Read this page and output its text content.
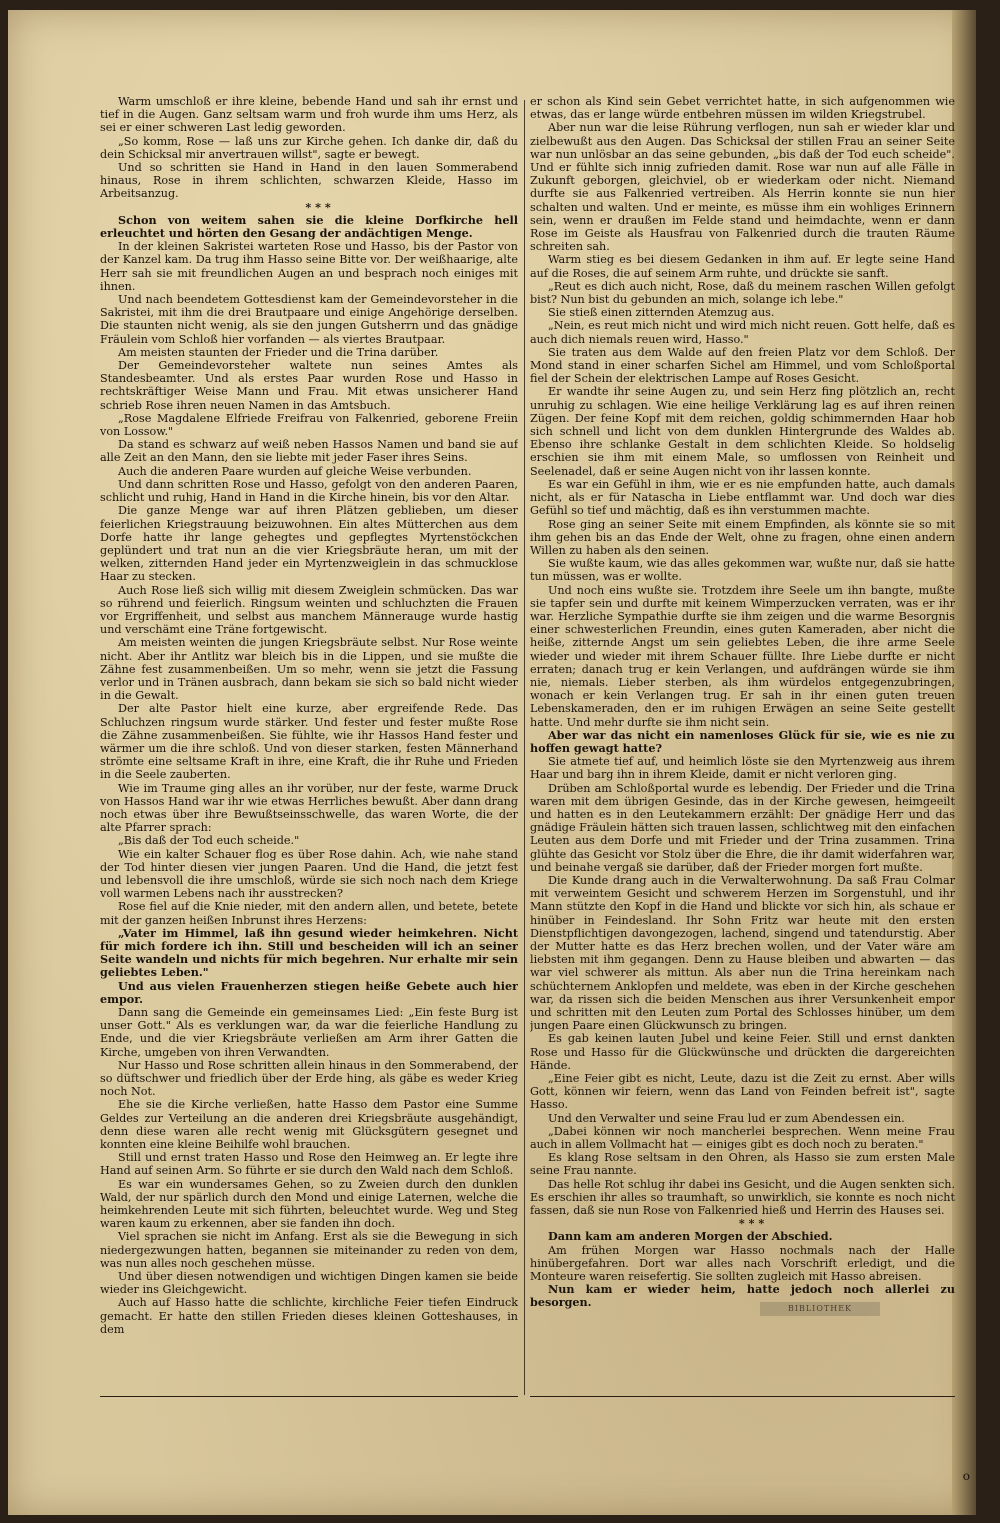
Warm umschloß er ihre kleine, bebende Hand und sah ihr ernst und tief in die Augen. Ganz seltsam warm und froh wurde ihm ums Herz, als sei er einer schweren Last ledig geworden.

„So komm, Rose — laß uns zur Kirche gehen. Ich danke dir, daß du dein Schicksal mir anvertrauen willst", sagte er bewegt.

Und so schritten sie Hand in Hand in den lauen Sommerabend hinaus, Rose in ihrem schlichten, schwarzen Kleide, Hasso im Arbeitsanzug.

* * *

Schon von weitem sahen sie die kleine Dorfkirche hell erleuchtet und hörten den Gesang der andächtigen Menge.

In der kleinen Sakristei warteten Rose und Hasso, bis der Pastor von der Kanzel kam. Da trug ihm Hasso seine Bitte vor. Der weißhaarige, alte Herr sah sie mit freundlichen Augen an und besprach noch einiges mit ihnen.

Und nach beendetem Gottesdienst kam der Gemeindevorsteher in die Sakristei, mit ihm die drei Brautpaare und einige Angehörige derselben. Die staunten nicht wenig, als sie den jungen Gutsherrn und das gnädige Fräulein vom Schloß hier vorfanden — als viertes Brautpaar.

Am meisten staunten der Frieder und die Trina darüber.

Der Gemeindevorsteher waltete nun seines Amtes als Standesbeamter. Und als erstes Paar wurden Rose und Hasso in rechtskräftiger Weise Mann und Frau. Mit etwas unsicherer Hand schrieb Rose ihren neuen Namen in das Amtsbuch.

„Rose Magdalene Elfriede Freifrau von Falkenried, geborene Freiin von Lossow."

Da stand es schwarz auf weiß neben Hassos Namen und band sie auf alle Zeit an den Mann, den sie liebte mit jeder Faser ihres Seins.

Auch die anderen Paare wurden auf gleiche Weise verbunden.

Und dann schritten Rose und Hasso, gefolgt von den anderen Paaren, schlicht und ruhig, Hand in Hand in die Kirche hinein, bis vor den Altar.

Die ganze Menge war auf ihren Plätzen geblieben, um dieser feierlichen Kriegstrauung beizuwohnen. Ein altes Mütterchen aus dem Dorfe hatte ihr lange gehegtes und gepflegtes Myrtenstöckchen geplündert und trat nun an die vier Kriegsbräute heran, um mit der welken, zitternden Hand jeder ein Myrtenzweiglein in das schmucklose Haar zu stecken.

Auch Rose ließ sich willig mit diesem Zweiglein schmücken. Das war so rührend und feierlich. Ringsum weinten und schluchzten die Frauen vor Ergriffenheit, und selbst aus manchem Männerauge wurde hastig und verschämt eine Träne fortgewischt.

Am meisten weinten die jungen Kriegsbräute selbst. Nur Rose weinte nicht. Aber ihr Antlitz war bleich bis in die Lippen, und sie mußte die Zähne fest zusammenbeißen. Um so mehr, wenn sie jetzt die Fassung verlor und in Tränen ausbrach, dann bekam sie sich so bald nicht wieder in die Gewalt.

Der alte Pastor hielt eine kurze, aber ergreifende Rede. Das Schluchzen ringsum wurde stärker. Und fester und fester mußte Rose die Zähne zusammenbeißen. Sie fühlte, wie ihr Hassos Hand fester und wärmer um die ihre schloß. Und von dieser starken, festen Männerhand strömte eine seltsame Kraft in ihre, eine Kraft, die ihr Ruhe und Frieden in die Seele zauberten.

Wie im Traume ging alles an ihr vorüber, nur der feste, warme Druck von Hassos Hand war ihr wie etwas Herrliches bewußt. Aber dann drang noch etwas über ihre Bewußtseinsschwelle, das waren Worte, die der alte Pfarrer sprach:

„Bis daß der Tod euch scheide."

Wie ein kalter Schauer flog es über Rose dahin. Ach, wie nahe stand der Tod hinter diesen vier jungen Paaren. Und die Hand, die jetzt fest und lebensvoll die ihre umschloß, würde sie sich noch nach dem Kriege voll warmen Lebens nach ihr ausstrecken?

Rose fiel auf die Knie nieder, mit den andern allen, und betete, betete mit der ganzen heißen Inbrunst ihres Herzens:

„Vater im Himmel, laß ihn gesund wieder heimkehren. Nicht für mich fordere ich ihn. Still und bescheiden will ich an seiner Seite wandeln und nichts für mich begehren. Nur erhalte mir sein geliebtes Leben."

Und aus vielen Frauenherzen stiegen heiße Gebete auch hier empor.

Dann sang die Gemeinde ein gemeinsames Lied: „Ein feste Burg ist unser Gott." Als es verklungen war, da war die feierliche Handlung zu Ende, und die vier Kriegsbräute verließen am Arm ihrer Gatten die Kirche, umgeben von ihren Verwandten.

Nur Hasso und Rose schritten allein hinaus in den Sommerabend, der so düftschwer und friedlich über der Erde hing, als gäbe es weder Krieg noch Not.

Ehe sie die Kirche verließen, hatte Hasso dem Pastor eine Summe Geldes zur Verteilung an die anderen drei Kriegsbräute ausgehändigt, denn diese waren alle recht wenig mit Glücksgütern gesegnet und konnten eine kleine Beihilfe wohl brauchen.

Still und ernst traten Hasso und Rose den Heimweg an. Er legte ihre Hand auf seinen Arm. So führte er sie durch den Wald nach dem Schloß.

Es war ein wundersames Gehen, so zu Zweien durch den dunklen Wald, der nur spärlich durch den Mond und einige Laternen, welche die heimkehrenden Leute mit sich führten, beleuchtet wurde. Weg und Steg waren kaum zu erkennen, aber sie fanden ihn doch.

Viel sprachen sie nicht im Anfang. Erst als sie die Bewegung in sich niedergezwungen hatten, begannen sie miteinander zu reden von dem, was nun alles noch geschehen müsse.

Und über diesen notwendigen und wichtigen Dingen kamen sie beide wieder ins Gleichgewicht.

Auch auf Hasso hatte die schlichte, kirchliche Feier tiefen Eindruck gemacht. Er hatte den stillen Frieden dieses kleinen Gotteshauses, in dem

er schon als Kind sein Gebet verrichtet hatte, in sich aufgenommen wie etwas, das er lange würde entbehren müssen im wilden Kriegstrubel.

Aber nun war die leise Rührung verflogen, nun sah er wieder klar und zielbewußt aus den Augen. Das Schicksal der stillen Frau an seiner Seite war nun unlösbar an das seine gebunden, „bis daß der Tod euch scheide". Und er fühlte sich innig zufrieden damit. Rose war nun auf alle Fälle in Zukunft geborgen, gleichviel, ob er wiederkam oder nicht. Niemand durfte sie aus Falkenried vertreiben. Als Herrin konnte sie nun hier schalten und walten. Und er meinte, es müsse ihm ein wohliges Erinnern sein, wenn er draußen im Felde stand und heimdachte, wenn er dann Rose im Geiste als Hausfrau von Falkenried durch die trauten Räume schreiten sah.

Warm stieg es bei diesem Gedanken in ihm auf. Er legte seine Hand auf die Roses, die auf seinem Arm ruhte, und drückte sie sanft.

„Reut es dich auch nicht, Rose, daß du meinem raschen Willen gefolgt bist? Nun bist du gebunden an mich, solange ich lebe."

Sie stieß einen zitternden Atemzug aus.

„Nein, es reut mich nicht und wird mich nicht reuen. Gott helfe, daß es auch dich niemals reuen wird, Hasso."

Sie traten aus dem Walde auf den freien Platz vor dem Schloß. Der Mond stand in einer scharfen Sichel am Himmel, und vom Schloßportal fiel der Schein der elektrischen Lampe auf Roses Gesicht.

Er wandte ihr seine Augen zu, und sein Herz fing plötzlich an, recht unruhig zu schlagen. Wie eine heilige Verklärung lag es auf ihren reinen Zügen. Der feine Kopf mit dem reichen, goldig schimmernden Haar hob sich schnell und licht von dem dunklen Hintergrunde des Waldes ab. Ebenso ihre schlanke Gestalt in dem schlichten Kleide. So holdselig erschien sie ihm mit einem Male, so umflossen von Reinheit und Seelenadel, daß er seine Augen nicht von ihr lassen konnte.

Es war ein Gefühl in ihm, wie er es nie empfunden hatte, auch damals nicht, als er für Natascha in Liebe entflammt war. Und doch war dies Gefühl so tief und mächtig, daß es ihn verstummen machte.

Rose ging an seiner Seite mit einem Empfinden, als könnte sie so mit ihm gehen bis an das Ende der Welt, ohne zu fragen, ohne einen andern Willen zu haben als den seinen.

Sie wußte kaum, wie das alles gekommen war, wußte nur, daß sie hatte tun müssen, was er wollte.

Und noch eins wußte sie. Trotzdem ihre Seele um ihn bangte, mußte sie tapfer sein und durfte mit keinem Wimperzucken verraten, was er ihr war. Herzliche Sympathie durfte sie ihm zeigen und die warme Besorgnis einer schwesterlichen Freundin, eines guten Kameraden, aber nicht die heiße, zitternde Angst um sein geliebtes Leben, die ihre arme Seele wieder und wieder mit ihrem Schauer füllte. Ihre Liebe durfte er nicht erraten; danach trug er kein Verlangen, und aufdrängen würde sie ihm nie, niemals. Lieber sterben, als ihm würdelos entgegenzubringen, wonach er kein Verlangen trug. Er sah in ihr einen guten treuen Lebenskameraden, den er im ruhigen Erwägen an seine Seite gestellt hatte. Und mehr durfte sie ihm nicht sein.

Aber war das nicht ein namenloses Glück für sie, wie es nie zu hoffen gewagt hatte?

Sie atmete tief auf, und heimlich löste sie den Myrtenzweig aus ihrem Haar und barg ihn in ihrem Kleide, damit er nicht verloren ging.

Drüben am Schloßportal wurde es lebendig. Der Frieder und die Trina waren mit dem übrigen Gesinde, das in der Kirche gewesen, heimgeeilt und hatten es in den Leutekammern erzählt: Der gnädige Herr und das gnädige Fräulein hätten sich trauen lassen, schlichtweg mit den einfachen Leuten aus dem Dorfe und mit Frieder und der Trina zusammen. Trina glühte das Gesicht vor Stolz über die Ehre, die ihr damit widerfahren war, und beinahe vergaß sie darüber, daß der Frieder morgen fort mußte.

Die Kunde drang auch in die Verwalterwohnung. Da saß Frau Colmar mit verweintem Gesicht und schwerem Herzen im Sorgenstuhl, und ihr Mann stützte den Kopf in die Hand und blickte vor sich hin, als schaue er hinüber in Feindesland. Ihr Sohn Fritz war heute mit den ersten Dienstpflichtigen davongezogen, lachend, singend und tatendurstig. Aber der Mutter hatte es das Herz brechen wollen, und der Vater wäre am liebsten mit ihm gegangen. Denn zu Hause bleiben und abwarten — das war viel schwerer als mittun. Als aber nun die Trina hereinkam nach schüchternem Anklopfen und meldete, was eben in der Kirche geschehen war, da rissen sich die beiden Menschen aus ihrer Versunkenheit empor und schritten mit den Leuten zum Portal des Schlosses hinüber, um dem jungen Paare einen Glückwunsch zu bringen.

Es gab keinen lauten Jubel und keine Feier. Still und ernst dankten Rose und Hasso für die Glückwünsche und drückten die dargereichten Hände.

„Eine Feier gibt es nicht, Leute, dazu ist die Zeit zu ernst. Aber wills Gott, können wir feiern, wenn das Land von Feinden befreit ist", sagte Hasso.

Und den Verwalter und seine Frau lud er zum Abendessen ein.

„Dabei können wir noch mancherlei besprechen. Wenn meine Frau auch in allem Vollmacht hat — einiges gibt es doch noch zu beraten."

Es klang Rose seltsam in den Ohren, als Hasso sie zum ersten Male seine Frau nannte.

Das helle Rot schlug ihr dabei ins Gesicht, und die Augen senkten sich. Es erschien ihr alles so traumhaft, so unwirklich, sie konnte es noch nicht fassen, daß sie nun Rose von Falkenried hieß und Herrin des Hauses sei.

* * *

Dann kam am anderen Morgen der Abschied.

Am frühen Morgen war Hasso nochmals nach der Halle hinübergefahren. Dort war alles nach Vorschrift erledigt, und die Monteure waren reisefertig. Sie sollten zugleich mit Hasso abreisen.

Nun kam er wieder heim, hatte jedoch noch allerlei zu besorgen.	BIBLIOTHEK
o
